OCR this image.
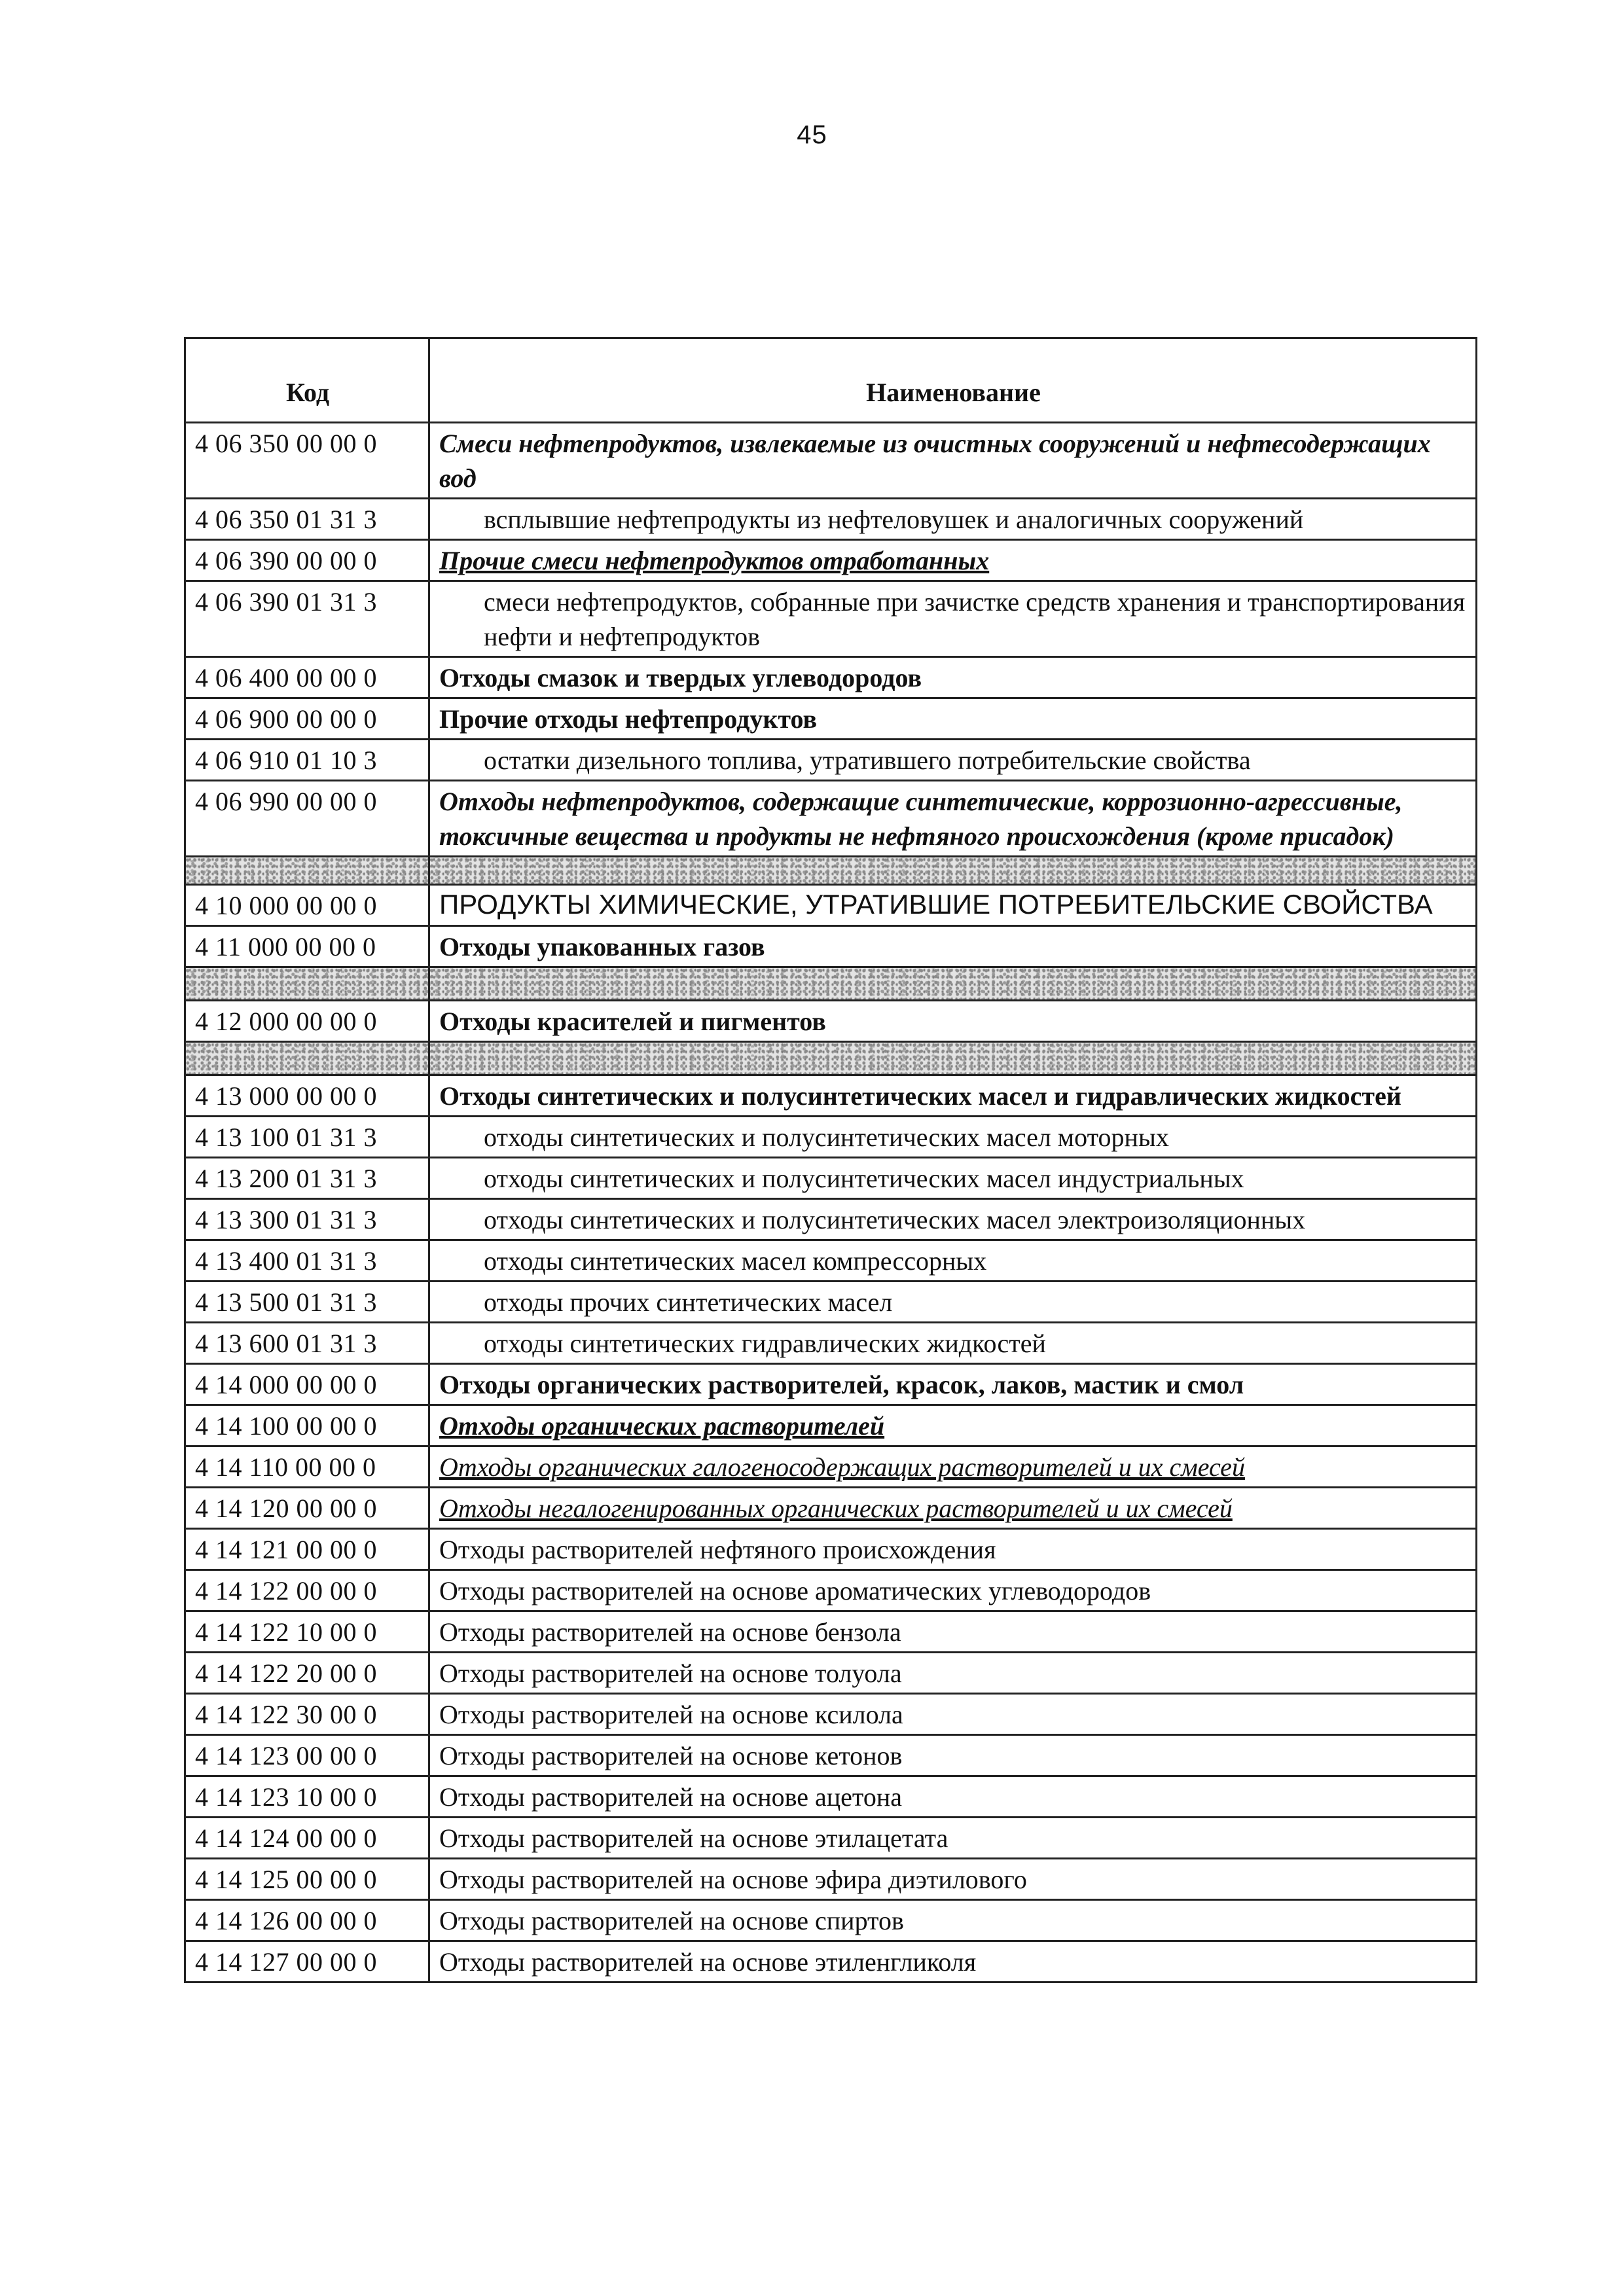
45
Код	Наименование
4 06 350 00 00 0	Смеси нефтепродуктов, извлекаемые из очистных сооружений и нефтесодержащих вод
4 06 350 01 31 3	всплывшие нефтепродукты из нефтеловушек и аналогичных сооружений
4 06 390 00 00 0	Прочие смеси нефтепродуктов отработанных
4 06 390 01 31 3	смеси нефтепродуктов, собранные при зачистке средств хранения и транспортирования нефти и нефтепродуктов
4 06 400 00 00 0	Отходы смазок и твердых углеводородов
4 06 900 00 00 0	Прочие отходы нефтепродуктов
4 06 910 01 10 3	остатки дизельного топлива, утратившего потребительские свойства
4 06 990 00 00 0	Отходы нефтепродуктов, содержащие синтетические, коррозионно-агрессивные, токсичные вещества и продукты не нефтяного происхождения (кроме присадок)

4 10 000 00 00 0	ПРОДУКТЫ ХИМИЧЕСКИЕ, УТРАТИВШИЕ ПОТРЕБИТЕЛЬСКИЕ СВОЙСТВА
4 11 000 00 00 0	Отходы упакованных газов

4 12 000 00 00 0	Отходы красителей и пигментов

4 13 000 00 00 0	Отходы синтетических и полусинтетических масел и гидравлических жидкостей
4 13 100 01 31 3	отходы синтетических и полусинтетических масел моторных
4 13 200 01 31 3	отходы синтетических и полусинтетических масел индустриальных
4 13 300 01 31 3	отходы синтетических и полусинтетических масел электроизоляционных
4 13 400 01 31 3	отходы синтетических масел компрессорных
4 13 500 01 31 3	отходы прочих синтетических масел
4 13 600 01 31 3	отходы синтетических гидравлических жидкостей
4 14 000 00 00 0	Отходы органических растворителей, красок, лаков, мастик и смол
4 14 100 00 00 0	Отходы органических растворителей
4 14 110 00 00 0	Отходы органических галогеносодержащих растворителей и их смесей
4 14 120 00 00 0	Отходы негалогенированных органических растворителей и их смесей
4 14 121 00 00 0	Отходы растворителей нефтяного происхождения
4 14 122 00 00 0	Отходы растворителей на основе ароматических углеводородов
4 14 122 10 00 0	Отходы растворителей на основе бензола
4 14 122 20 00 0	Отходы растворителей на основе толуола
4 14 122 30 00 0	Отходы растворителей на основе ксилола
4 14 123 00 00 0	Отходы растворителей на основе кетонов
4 14 123 10 00 0	Отходы растворителей на основе ацетона
4 14 124 00 00 0	Отходы растворителей на основе этилацетата
4 14 125 00 00 0	Отходы растворителей на основе эфира диэтилового
4 14 126 00 00 0	Отходы растворителей на основе спиртов
4 14 127 00 00 0	Отходы растворителей на основе этиленгликоля
